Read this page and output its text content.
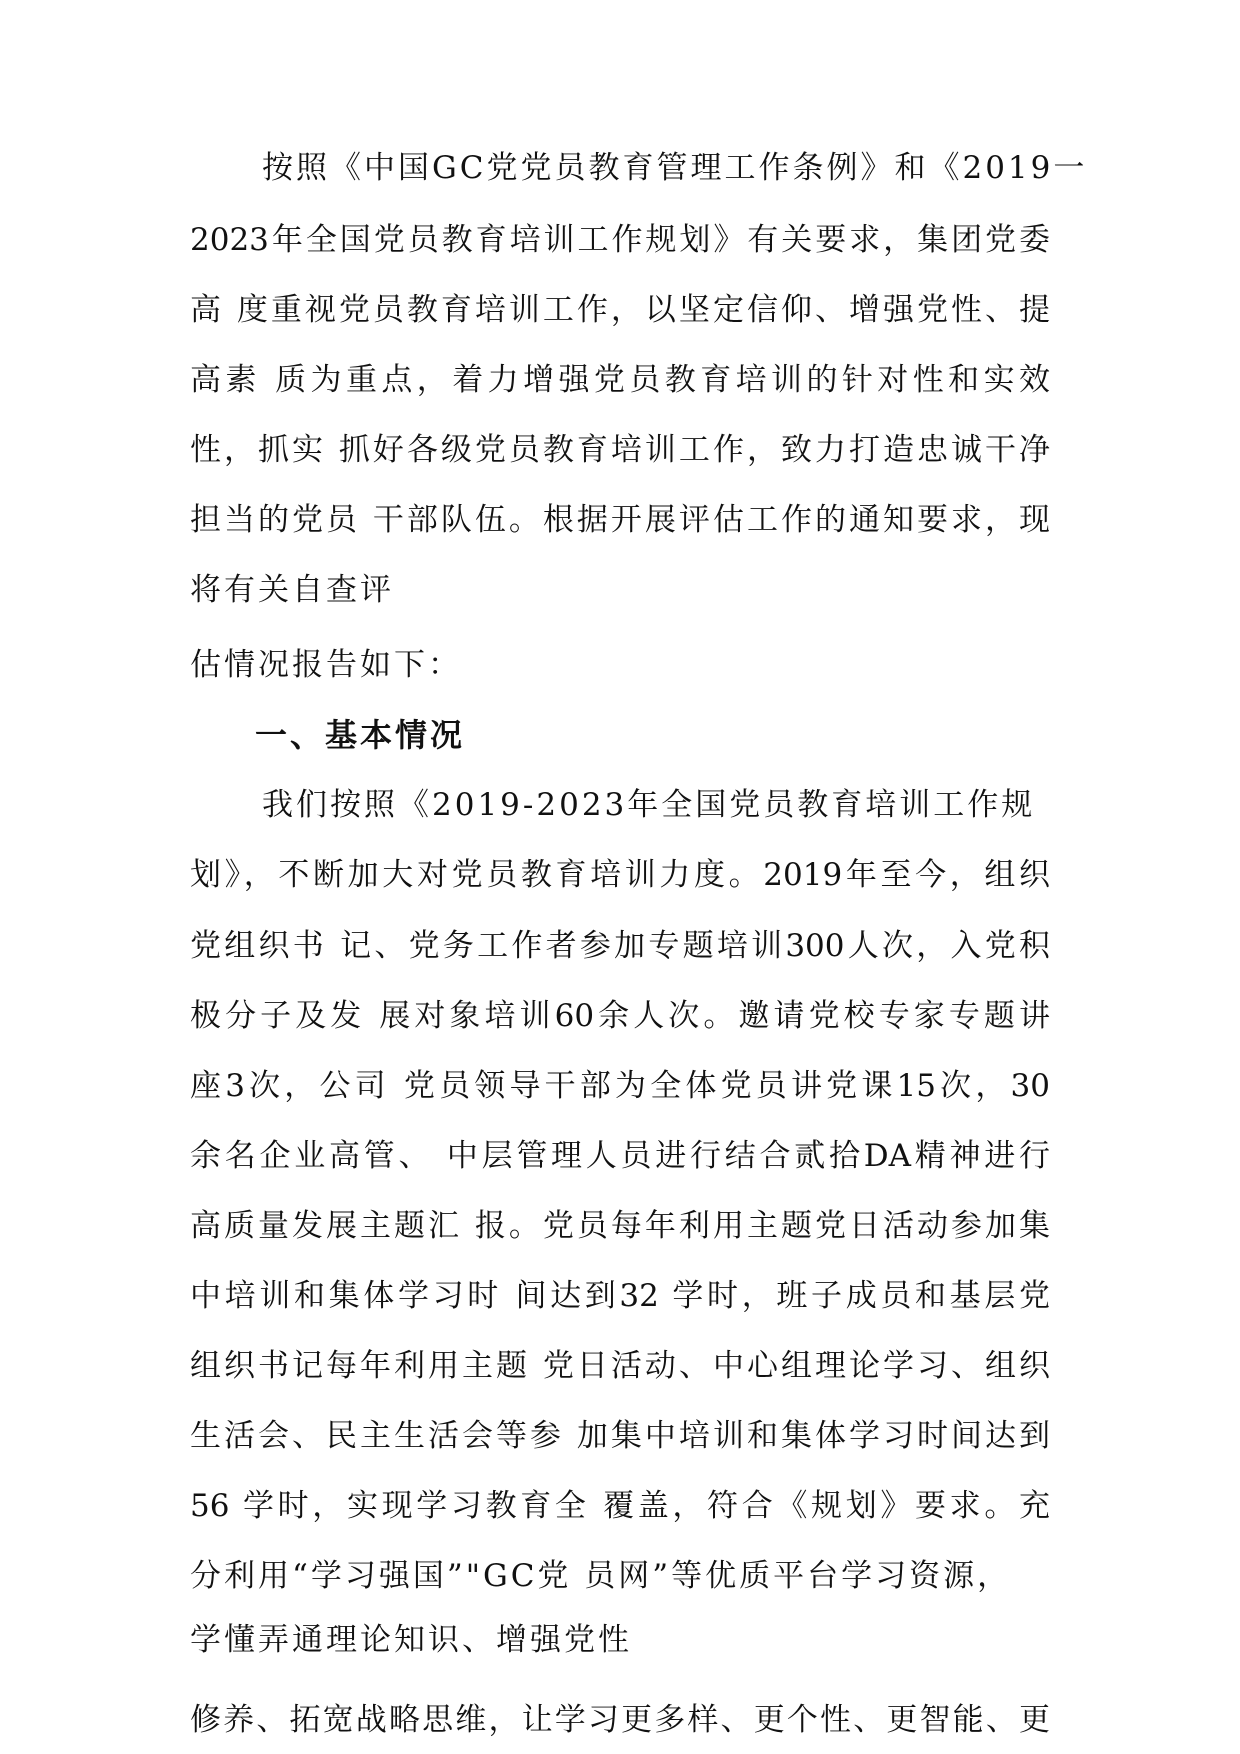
按照《中国GC党党员教育管理工作条例》和《2019一
2023年全国党员教育培训工作规划》有关要求，集团党委
高 度重视党员教育培训工作，以坚定信仰、增强党性、提
高素 质为重点，着力增强党员教育培训的针对性和实效
性，抓实 抓好各级党员教育培训工作，致力打造忠诚干净
担当的党员 干部队伍。根据开展评估工作的通知要求，现
将有关自查评
估情况报告如下：
一、基本情况
我们按照《2019-2023年全国党员教育培训工作规
划》，不断加大对党员教育培训力度。2019年至今，组织
党组织书 记、党务工作者参加专题培训300人次，入党积
极分子及发 展对象培训60余人次。邀请党校专家专题讲
座3次，公司 党员领导干部为全体党员讲党课15次，30
余名企业高管、 中层管理人员进行结合贰拾DA精神进行
高质量发展主题汇 报。党员每年利用主题党日活动参加集
中培训和集体学习时 间达到32 学时，班子成员和基层党
组织书记每年利用主题 党日活动、中心组理论学习、组织
生活会、民主生活会等参 加集中培训和集体学习时间达到
56 学时，实现学习教育全 覆盖，符合《规划》要求。充
分利用“学习强国”"GC党 员网”等优质平台学习资源，
学懂弄通理论知识、增强党性
修养、拓宽战略思维，让学习更多样、更个性、更智能、更
